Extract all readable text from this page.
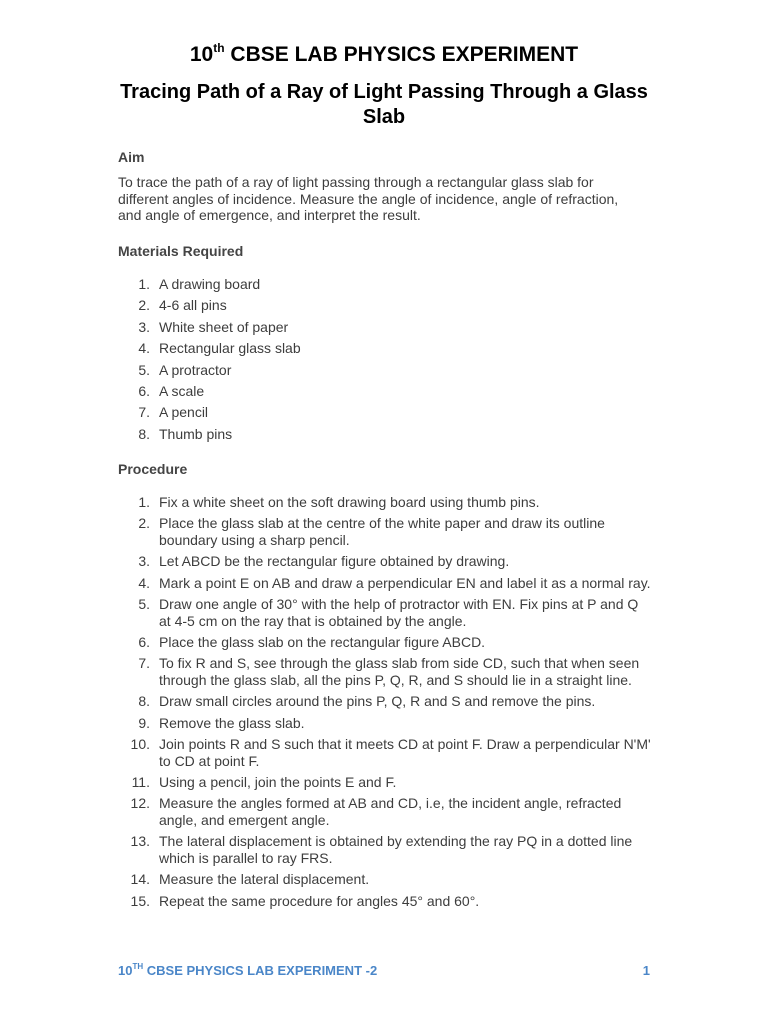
10th CBSE LAB PHYSICS EXPERIMENT
Tracing Path of a Ray of Light Passing Through a Glass Slab
Aim
To trace the path of a ray of light passing through a rectangular glass slab for different angles of incidence. Measure the angle of incidence, angle of refraction, and angle of emergence, and interpret the result.
Materials Required
1. A drawing board
2. 4-6 all pins
3. White sheet of paper
4. Rectangular glass slab
5. A protractor
6. A scale
7. A pencil
8. Thumb pins
Procedure
1. Fix a white sheet on the soft drawing board using thumb pins.
2. Place the glass slab at the centre of the white paper and draw its outline boundary using a sharp pencil.
3. Let ABCD be the rectangular figure obtained by drawing.
4. Mark a point E on AB and draw a perpendicular EN and label it as a normal ray.
5. Draw one angle of 30° with the help of protractor with EN. Fix pins at P and Q at 4-5 cm on the ray that is obtained by the angle.
6. Place the glass slab on the rectangular figure ABCD.
7. To fix R and S, see through the glass slab from side CD, such that when seen through the glass slab, all the pins P, Q, R, and S should lie in a straight line.
8. Draw small circles around the pins P, Q, R and S and remove the pins.
9. Remove the glass slab.
10. Join points R and S such that it meets CD at point F. Draw a perpendicular N'M' to CD at point F.
11. Using a pencil, join the points E and F.
12. Measure the angles formed at AB and CD, i.e, the incident angle, refracted angle, and emergent angle.
13. The lateral displacement is obtained by extending the ray PQ in a dotted line which is parallel to ray FRS.
14. Measure the lateral displacement.
15. Repeat the same procedure for angles 45° and 60°.
10TH CBSE PHYSICS LAB EXPERIMENT -2	1
